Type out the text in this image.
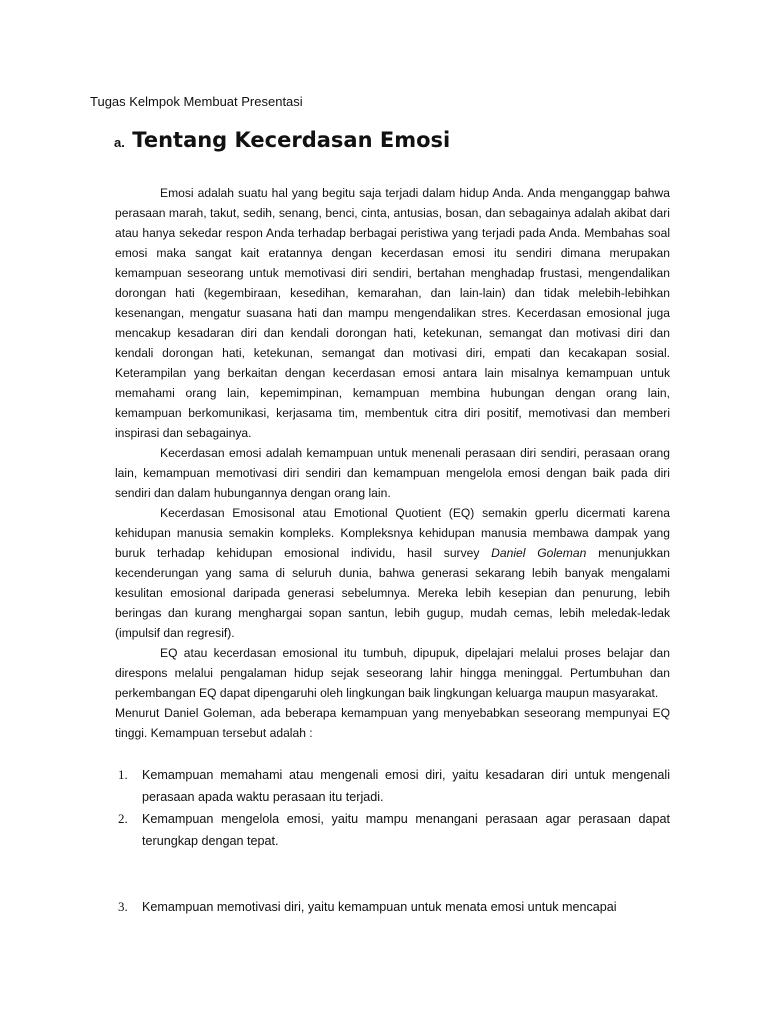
Tugas Kelmpok Membuat Presentasi
a. Tentang Kecerdasan Emosi

Emosi adalah suatu hal yang begitu saja terjadi dalam hidup Anda. Anda menganggap bahwa perasaan marah, takut, sedih, senang, benci, cinta, antusias, bosan, dan sebagainya adalah akibat dari atau hanya sekedar respon Anda terhadap berbagai peristiwa yang terjadi pada Anda. Membahas soal emosi maka sangat kait eratannya dengan kecerdasan emosi itu sendiri dimana merupakan kemampuan seseorang untuk memotivasi diri sendiri, bertahan menghadap frustasi, mengendalikan dorongan hati (kegembiraan, kesedihan, kemarahan, dan lain-lain) dan tidak melebih-lebihkan kesenangan, mengatur suasana hati dan mampu mengendalikan stres. Kecerdasan emosional juga mencakup kesadaran diri dan kendali dorongan hati, ketekunan, semangat dan motivasi diri dan kendali dorongan hati, ketekunan, semangat dan motivasi diri, empati dan kecakapan sosial. Keterampilan yang berkaitan dengan kecerdasan emosi antara lain misalnya kemampuan untuk memahami orang lain, kepemimpinan, kemampuan membina hubungan dengan orang lain, kemampuan berkomunikasi, kerjasama tim, membentuk citra diri positif, memotivasi dan memberi inspirasi dan sebagainya.

Kecerdasan emosi adalah kemampuan untuk menenali perasaan diri sendiri, perasaan orang lain, kemampuan memotivasi diri sendiri dan kemampuan mengelola emosi dengan baik pada diri sendiri dan dalam hubungannya dengan orang lain.

Kecerdasan Emosisonal atau Emotional Quotient (EQ) semakin gperlu dicermati karena kehidupan manusia semakin kompleks. Kompleksnya kehidupan manusia membawa dampak yang buruk terhadap kehidupan emosional individu, hasil survey Daniel Goleman menunjukkan kecenderungan yang sama di seluruh dunia, bahwa generasi sekarang lebih banyak mengalami kesulitan emosional daripada generasi sebelumnya. Mereka lebih kesepian dan penurung, lebih beringas dan kurang menghargai sopan santun, lebih gugup, mudah cemas, lebih meledak-ledak (impulsif dan regresif).

EQ atau kecerdasan emosional itu tumbuh, dipupuk, dipelajari melalui proses belajar dan direspons melalui pengalaman hidup sejak seseorang lahir hingga meninggal. Pertumbuhan dan perkembangan EQ dapat dipengaruhi oleh lingkungan baik lingkungan keluarga maupun masyarakat.

Menurut Daniel Goleman, ada beberapa kemampuan yang menyebabkan seseorang mempunyai EQ tinggi. Kemampuan tersebut adalah :

1. Kemampuan memahami atau mengenali emosi diri, yaitu kesadaran diri untuk mengenali perasaan apada waktu perasaan itu terjadi.
2. Kemampuan mengelola emosi, yaitu mampu menangani perasaan agar perasaan dapat terungkap dengan tepat.
3. Kemampuan memotivasi diri, yaitu kemampuan untuk menata emosi untuk mencapai
